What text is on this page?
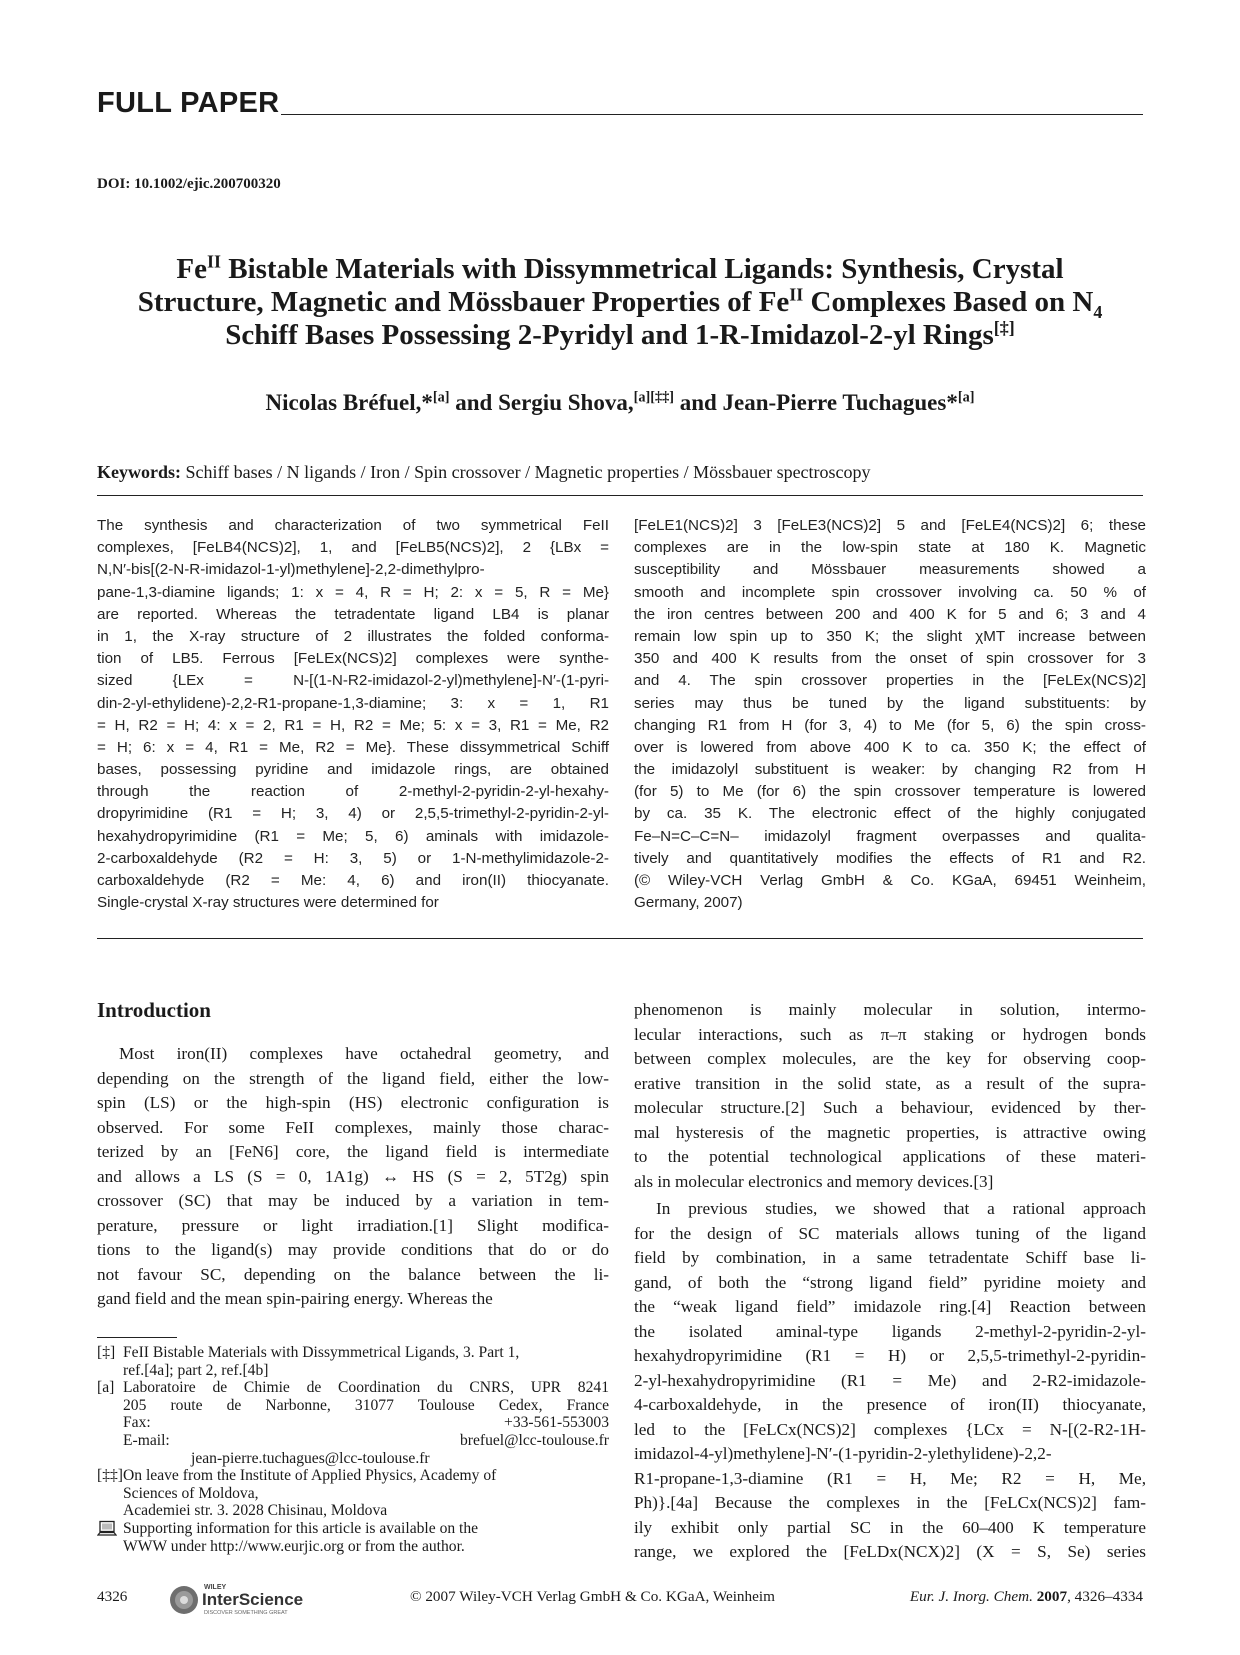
FULL PAPER
DOI: 10.1002/ejic.200700320
$Fe^{II}$ Bistable Materials with Dissymmetrical Ligands: Synthesis, Crystal
Structure, Magnetic and Mössbauer Properties of $Fe^{II}$ Complexes Based on $N_4$
Schiff Bases Possessing 2-Pyridyl and 1-R-Imidazol-2-yl Rings[‡]
Nicolas Bréfuel,*[a] and Sergiu Shova,[a][‡‡] and Jean-Pierre Tuchagues*[a]
Keywords: Schiff bases / N ligands / Iron / Spin crossover / Magnetic properties / Mössbauer spectroscopy
The synthesis and characterization of two symmetrical FeII
complexes, [FeLB4(NCS)2], 1, and [FeLB5(NCS)2], 2 {LBx =
N,N′-bis[(2-N-R-imidazol-1-yl)methylene]-2,2-dimethylpro-
pane-1,3-diamine ligands; 1: x = 4, R = H; 2: x = 5, R = Me}
are reported. Whereas the tetradentate ligand LB4 is planar
in 1, the X-ray structure of 2 illustrates the folded conforma-
tion of LB5. Ferrous [FeLEx(NCS)2] complexes were synthe-
sized {LEx = N-[(1-N-R2-imidazol-2-yl)methylene]-N′-(1-pyri-
din-2-yl-ethylidene)-2,2-R1-propane-1,3-diamine; 3: x = 1, R1
= H, R2 = H; 4: x = 2, R1 = H, R2 = Me; 5: x = 3, R1 = Me, R2
= H; 6: x = 4, R1 = Me, R2 = Me}. These dissymmetrical Schiff
bases, possessing pyridine and imidazole rings, are obtained
through the reaction of 2-methyl-2-pyridin-2-yl-hexahy-
dropyrimidine (R1 = H; 3, 4) or 2,5,5-trimethyl-2-pyridin-2-yl-
hexahydropyrimidine (R1 = Me; 5, 6) aminals with imidazole-
2-carboxaldehyde (R2 = H: 3, 5) or 1-N-methylimidazole-2-
carboxaldehyde (R2 = Me: 4, 6) and iron(II) thiocyanate.
Single-crystal X-ray structures were determined for
[FeLE1(NCS)2] 3 [FeLE3(NCS)2] 5 and [FeLE4(NCS)2] 6; these
complexes are in the low-spin state at 180 K. Magnetic
susceptibility and Mössbauer measurements showed a
smooth and incomplete spin crossover involving ca. 50 % of
the iron centres between 200 and 400 K for 5 and 6; 3 and 4
remain low spin up to 350 K; the slight χMT increase between
350 and 400 K results from the onset of spin crossover for 3
and 4. The spin crossover properties in the [FeLEx(NCS)2]
series may thus be tuned by the ligand substituents: by
changing R1 from H (for 3, 4) to Me (for 5, 6) the spin cross-
over is lowered from above 400 K to ca. 350 K; the effect of
the imidazolyl substituent is weaker: by changing R2 from H
(for 5) to Me (for 6) the spin crossover temperature is lowered
by ca. 35 K. The electronic effect of the highly conjugated
Fe–N=C–C=N– imidazolyl fragment overpasses and qualita-
tively and quantitatively modifies the effects of R1 and R2.
(© Wiley-VCH Verlag GmbH & Co. KGaA, 69451 Weinheim,
Germany, 2007)
Introduction
Most iron(II) complexes have octahedral geometry, and
depending on the strength of the ligand field, either the low-
spin (LS) or the high-spin (HS) electronic configuration is
observed. For some FeII complexes, mainly those charac-
terized by an [FeN6] core, the ligand field is intermediate
and allows a LS (S = 0, 1A1g) ↔ HS (S = 2, 5T2g) spin
crossover (SC) that may be induced by a variation in tem-
perature, pressure or light irradiation.[1] Slight modifica-
tions to the ligand(s) may provide conditions that do or do
not favour SC, depending on the balance between the li-
gand field and the mean spin-pairing energy. Whereas the
phenomenon is mainly molecular in solution, intermo-
lecular interactions, such as π–π staking or hydrogen bonds
between complex molecules, are the key for observing coop-
erative transition in the solid state, as a result of the supra-
molecular structure.[2] Such a behaviour, evidenced by ther-
mal hysteresis of the magnetic properties, is attractive owing
to the potential technological applications of these materi-
als in molecular electronics and memory devices.[3]
In previous studies, we showed that a rational approach
for the design of SC materials allows tuning of the ligand
field by combination, in a same tetradentate Schiff base li-
gand, of both the “strong ligand field” pyridine moiety and
the “weak ligand field” imidazole ring.[4] Reaction between
the isolated aminal-type ligands 2-methyl-2-pyridin-2-yl-
hexahydropyrimidine (R1 = H) or 2,5,5-trimethyl-2-pyridin-
2-yl-hexahydropyrimidine (R1 = Me) and 2-R2-imidazole-
4-carboxaldehyde, in the presence of iron(II) thiocyanate,
led to the [FeLCx(NCS)2] complexes {LCx = N-[(2-R2-1H-
imidazol-4-yl)methylene]-N′-(1-pyridin-2-ylethylidene)-2,2-
R1-propane-1,3-diamine (R1 = H, Me; R2 = H, Me,
Ph)}.[4a] Because the complexes in the [FeLCx(NCS)2] fam-
ily exhibit only partial SC in the 60–400 K temperature
range, we explored the [FeLDx(NCX)2] (X = S, Se) series
[‡] FeII Bistable Materials with Dissymmetrical Ligands, 3. Part 1,
ref.[4a]; part 2, ref.[4b]
[a] Laboratoire de Chimie de Coordination du CNRS, UPR 8241
205 route de Narbonne, 31077 Toulouse Cedex, France
Fax: +33-561-553003
E-mail: brefuel@lcc-toulouse.fr
jean-pierre.tuchagues@lcc-toulouse.fr
[‡‡] On leave from the Institute of Applied Physics, Academy of
Sciences of Moldova,
Academiei str. 3. 2028 Chisinau, Moldova
Supporting information for this article is available on the
WWW under http://www.eurjic.org or from the author.
4326
WILEY
InterScience
DISCOVER SOMETHING GREAT
© 2007 Wiley-VCH Verlag GmbH & Co. KGaA, Weinheim	Eur. J. Inorg. Chem. 2007, 4326–4334
